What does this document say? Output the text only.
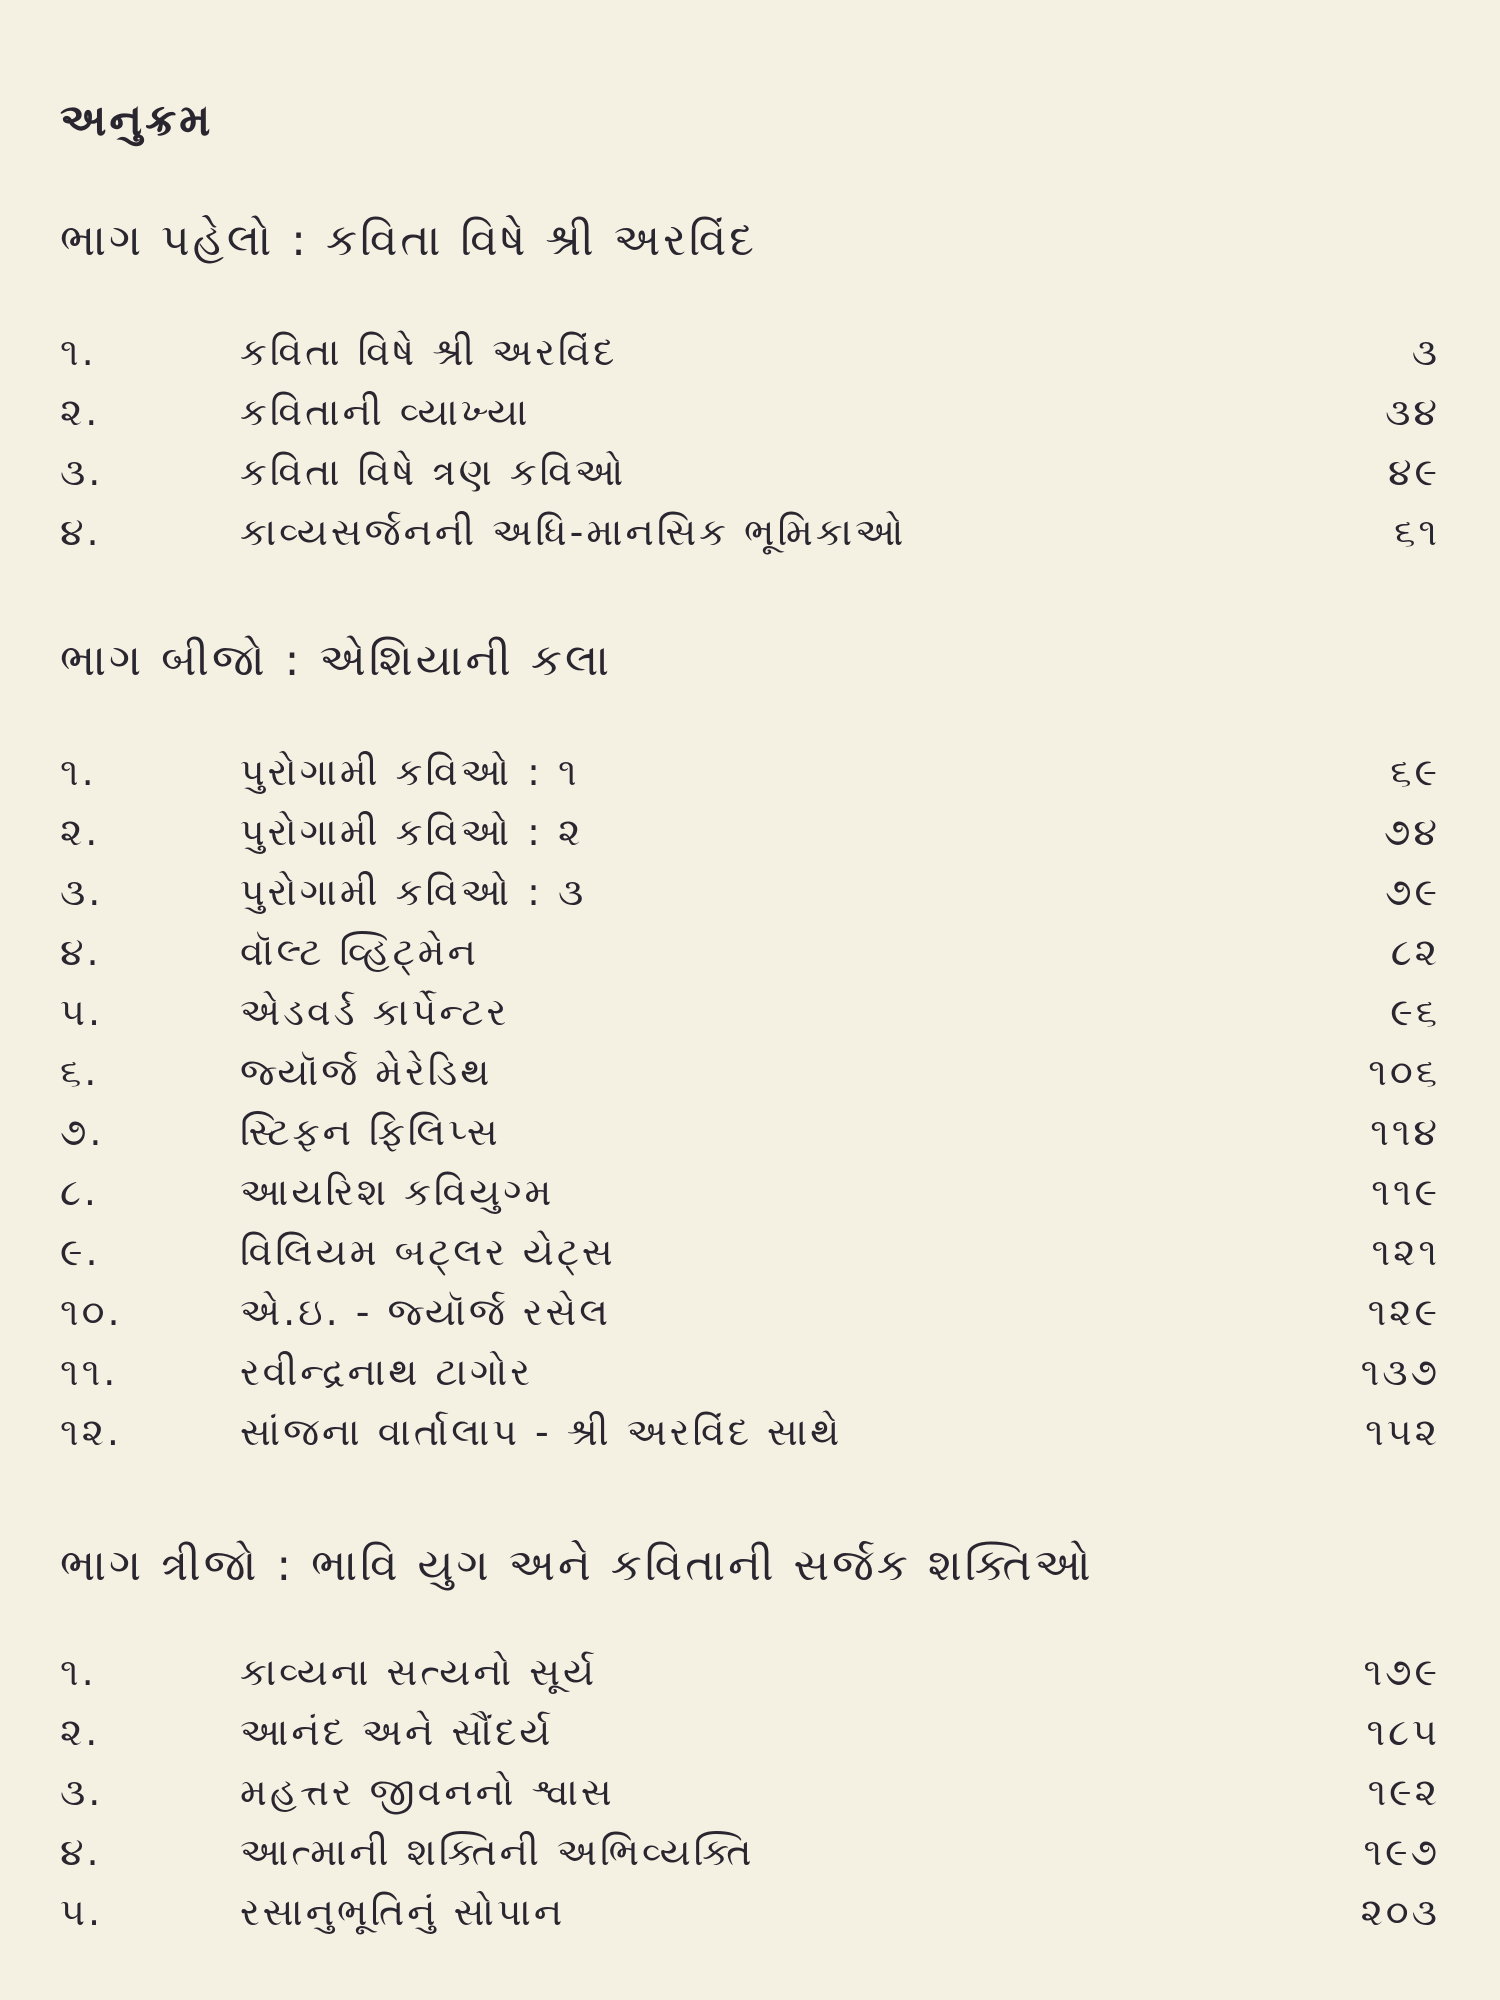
અનુક્રમ
ભાગ પહેલો : કવિતા વિષે શ્રી અરવિંદ
૧.	કવિતા વિષે શ્રી અરવિંદ	૩
૨.	કવિતાની વ્યાખ્યા	૩૪
૩.	કવિતા વિષે ત્રણ કવિઓ	૪૯
૪.	કાવ્યસર્જનની અધિ-માનસિક ભૂમિકાઓ	૬૧
ભાગ બીજો : એશિયાની કલા
૧.	પુરોગામી કવિઓ : ૧	૬૯
૨.	પુરોગામી કવિઓ : ૨	૭૪
૩.	પુરોગામી કવિઓ : ૩	૭૯
૪.	વૉલ્ટ વ્હિટ્મેન	૮૨
૫.	એડવર્ડ કાર્પેન્ટર	૯૬
૬.	જ્યૉર્જ મેરેડિથ	૧૦૬
૭.	સ્ટિફન ફિલિપ્સ	૧૧૪
૮.	આયરિશ કવિયુગ્મ	૧૧૯
૯.	વિલિયમ બટ્લર યેટ્સ	૧૨૧
૧૦.	એ.ઇ. - જ્યૉર્જ રસેલ	૧૨૯
૧૧.	રવીન્દ્રનાથ ટાગોર	૧૩૭
૧૨.	સાંજના વાર્તાલાપ - શ્રી અરવિંદ સાથે	૧૫૨
ભાગ ત્રીજો : ભાવિ યુગ અને કવિતાની સર્જક શક્તિઓ
૧.	કાવ્યના સત્યનો સૂર્ય	૧૭૯
૨.	આનંદ અને સૌંદર્ય	૧૮૫
૩.	મહત્તર જીવનનો શ્વાસ	૧૯૨
૪.	આત્માની શક્તિની અભિવ્યક્તિ	૧૯૭
૫.	રસાનુભૂતિનું સોપાન	૨૦૩
